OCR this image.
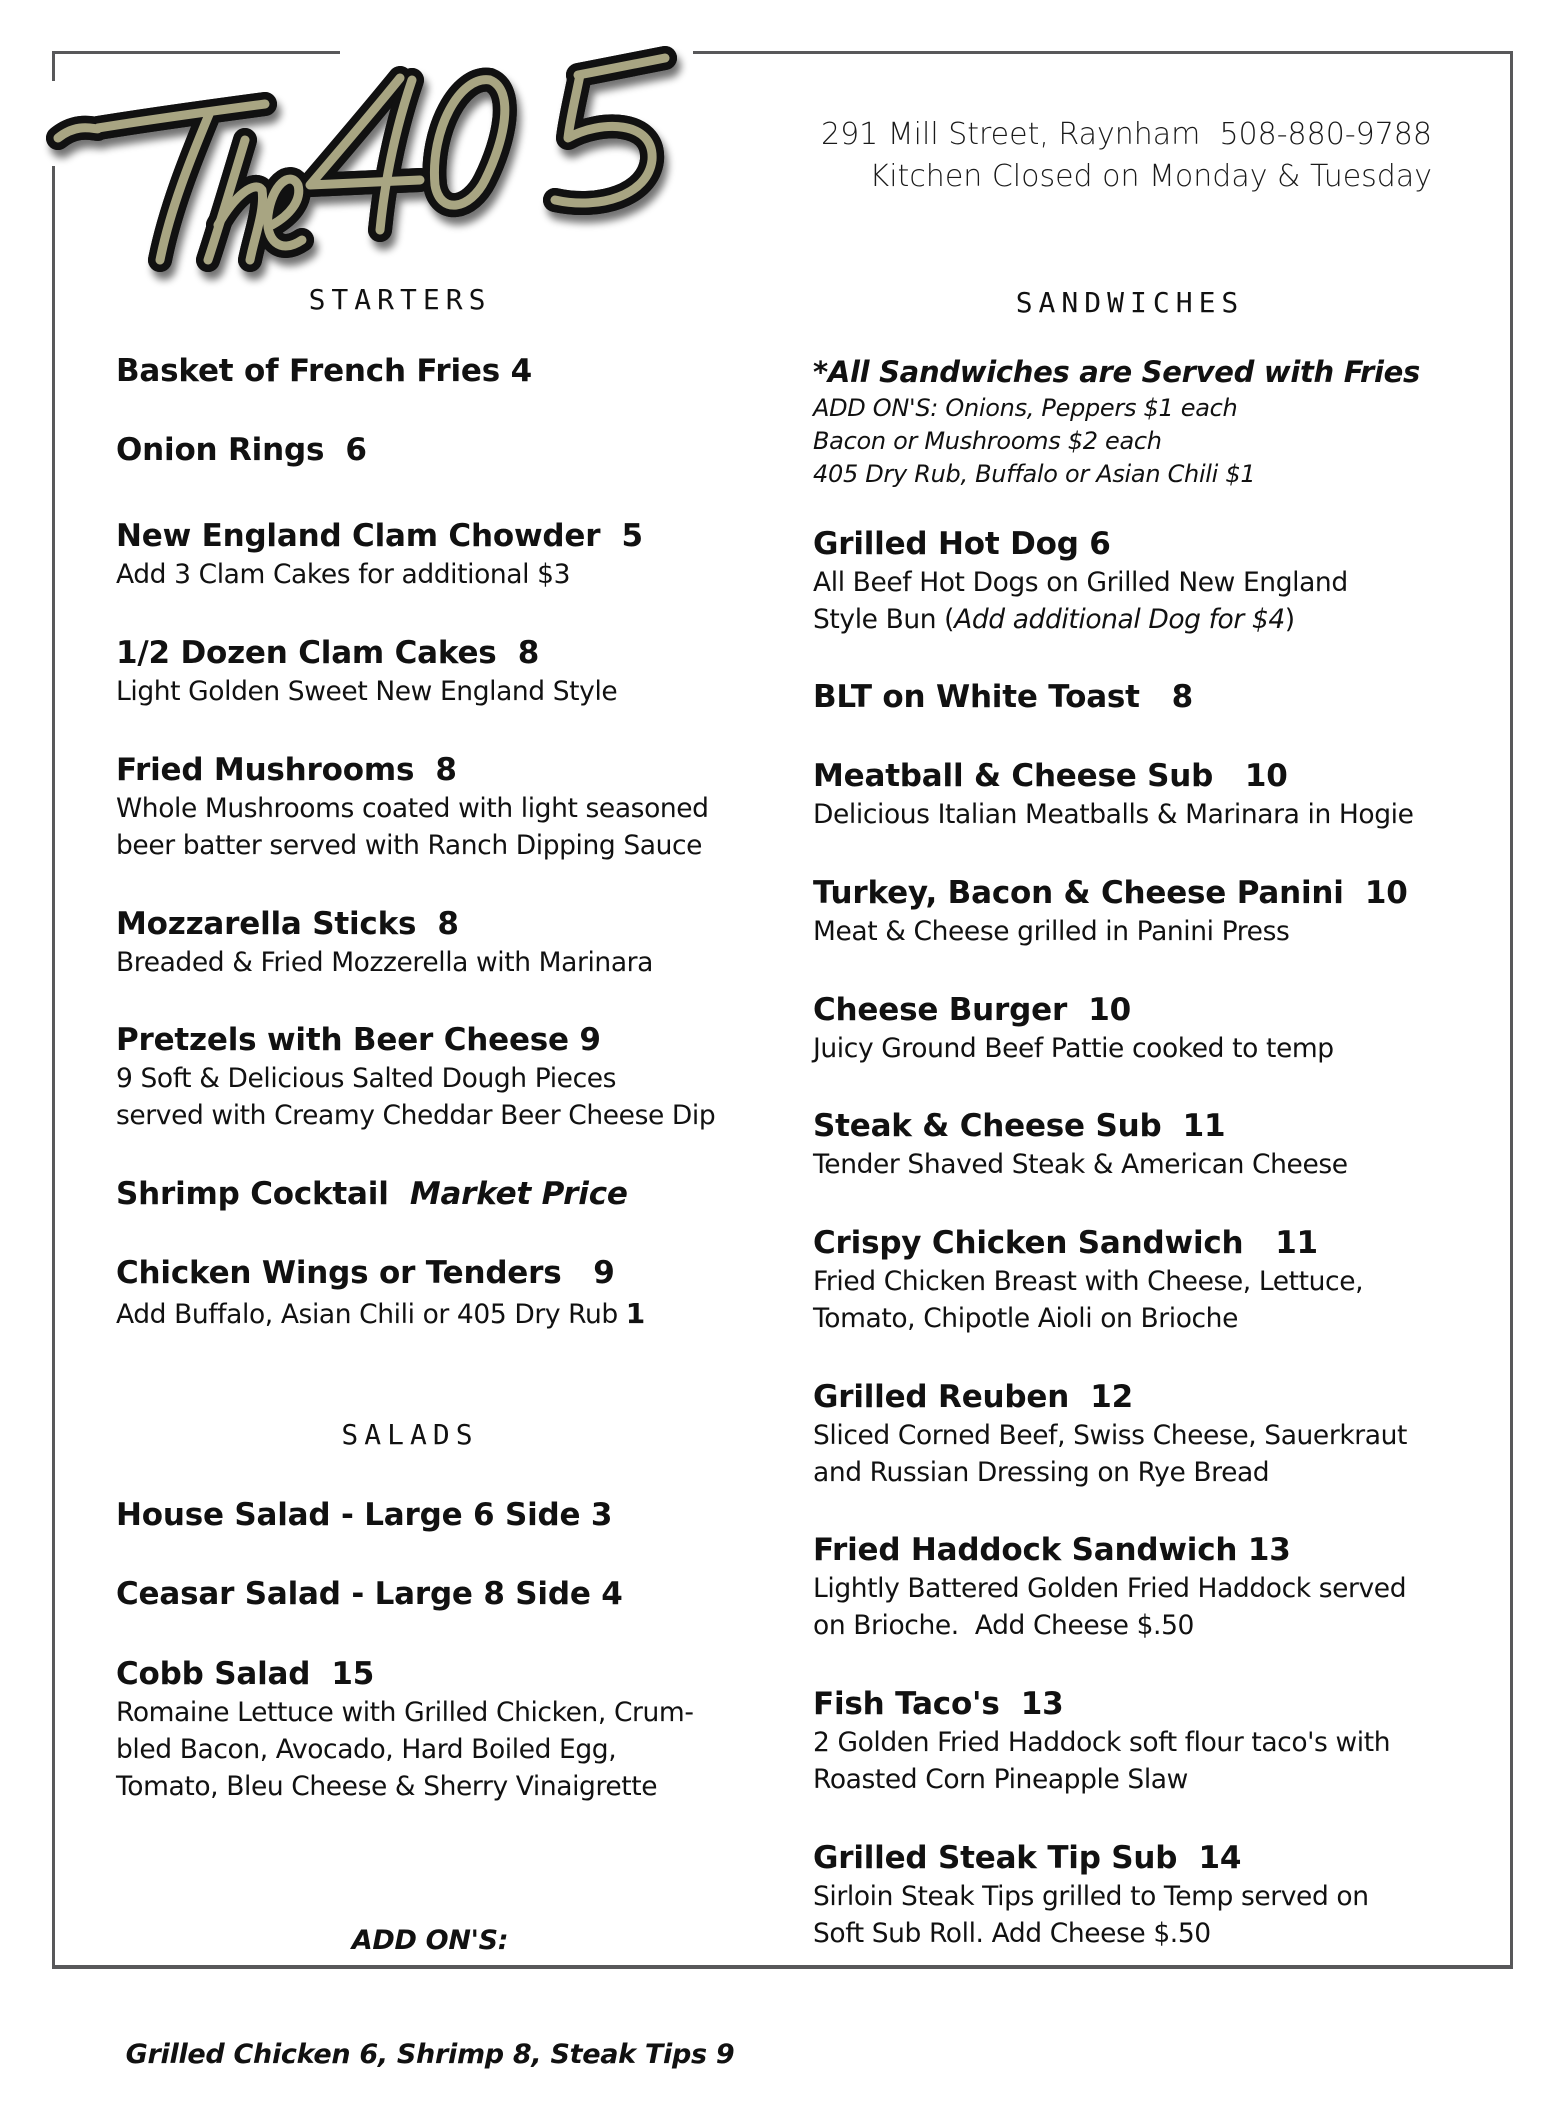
291 Mill Street, Raynham  508-880-9788
Kitchen Closed on Monday & Tuesday
STARTERS
Basket of French Fries 4
Onion Rings  6
New England Clam Chowder  5
Add 3 Clam Cakes for additional $3
1/2 Dozen Clam Cakes  8
Light Golden Sweet New England Style
Fried Mushrooms  8
Whole Mushrooms coated with light seasoned
beer batter served with Ranch Dipping Sauce
Mozzarella Sticks  8
Breaded & Fried Mozzerella with Marinara
Pretzels with Beer Cheese 9
9 Soft & Delicious Salted Dough Pieces
served with Creamy Cheddar Beer Cheese Dip
Shrimp Cocktail  Market Price
Chicken Wings or Tenders   9
Add Buffalo, Asian Chili or 405 Dry Rub 1
SALADS
House Salad - Large 6 Side 3
Ceasar Salad - Large 8 Side 4
Cobb Salad  15
Romaine Lettuce with Grilled Chicken, Crum-
bled Bacon, Avocado, Hard Boiled Egg,
Tomato, Bleu Cheese & Sherry Vinaigrette

ADD ON'S:

Grilled Chicken 6, Shrimp 8, Steak Tips 9

SANDWICHES
*All Sandwiches are Served with Fries
ADD ON'S: Onions, Peppers $1 each
Bacon or Mushrooms $2 each
405 Dry Rub, Buffalo or Asian Chili $1
Grilled Hot Dog 6
All Beef Hot Dogs on Grilled New England
Style Bun (Add additional Dog for $4)
BLT on White Toast   8
Meatball & Cheese Sub   10
Delicious Italian Meatballs & Marinara in Hogie
Turkey, Bacon & Cheese Panini  10
Meat & Cheese grilled in Panini Press
Cheese Burger  10
Juicy Ground Beef Pattie cooked to temp
Steak & Cheese Sub  11
Tender Shaved Steak & American Cheese
Crispy Chicken Sandwich   11
Fried Chicken Breast with Cheese, Lettuce,
Tomato, Chipotle Aioli on Brioche
Grilled Reuben  12
Sliced Corned Beef, Swiss Cheese, Sauerkraut
and Russian Dressing on Rye Bread
Fried Haddock Sandwich 13
Lightly Battered Golden Fried Haddock served
on Brioche.  Add Cheese $.50
Fish Taco's  13
2 Golden Fried Haddock soft flour taco's with
Roasted Corn Pineapple Slaw
Grilled Steak Tip Sub  14
Sirloin Steak Tips grilled to Temp served on
Soft Sub Roll. Add Cheese $.50
